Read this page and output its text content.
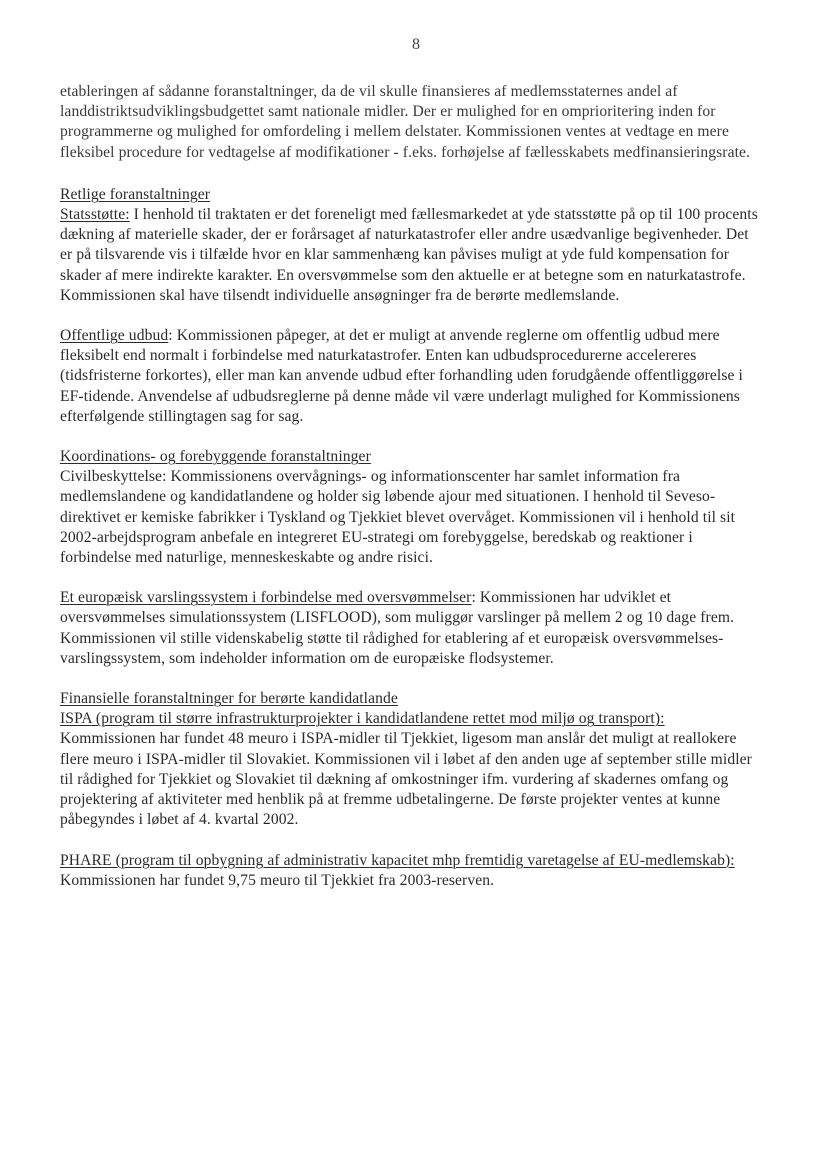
8

etableringen af sådanne foranstaltninger, da de vil skulle finansieres af medlemsstaternes andel af landdistriktsudviklingsbudgettet samt nationale midler. Der er mulighed for en omprioritering inden for programmerne og mulighed for omfordeling i mellem delstater. Kommissionen ventes at vedtage en mere fleksibel procedure for vedtagelse af modifikationer - f.eks. forhøjelse af fællesskabets medfinansieringsrate.

Retlige foranstaltninger

Statsstøtte: I henhold til traktaten er det foreneligt med fællesmarkedet at yde statsstøtte på op til 100 procents dækning af materielle skader, der er forårsaget af naturkatastrofer eller andre usædvanlige begivenheder. Det er på tilsvarende vis i tilfælde hvor en klar sammenhæng kan påvises muligt at yde fuld kompensation for skader af mere indirekte karakter. En oversvømmelse som den aktuelle er at betegne som en naturkatastrofe. Kommissionen skal have tilsendt individuelle ansøgninger fra de berørte medlemslande.

Offentlige udbud: Kommissionen påpeger, at det er muligt at anvende reglerne om offentlig udbud mere fleksibelt end normalt i forbindelse med naturkatastrofer. Enten kan udbudsprocedurerne accelereres (tidsfristerne forkortes), eller man kan anvende udbud efter forhandling uden forudgående offentliggørelse i EF-tidende. Anvendelse af udbudsreglerne på denne måde vil være underlagt mulighed for Kommissionens efterfølgende stillingtagen sag for sag.

Koordinations- og forebyggende foranstaltninger

Civilbeskyttelse: Kommissionens overvågnings- og informationscenter har samlet information fra medlemslandene og kandidatlandene og holder sig løbende ajour med situationen. I henhold til Seveso-direktivet er kemiske fabrikker i Tyskland og Tjekkiet blevet overvåget. Kommissionen vil i henhold til sit 2002-arbejdsprogram anbefale en integreret EU-strategi om forebyggelse, beredskab og reaktioner i forbindelse med naturlige, menneskeskabte og andre risici.

Et europæisk varslingssystem i forbindelse med oversvømmelser: Kommissionen har udviklet et oversvømmelses simulationssystem (LISFLOOD), som muliggør varslinger på mellem 2 og 10 dage frem. Kommissionen vil stille videnskabelig støtte til rådighed for etablering af et europæisk oversvømmelses-varslingssystem, som indeholder information om de europæiske flodsystemer.

Finansielle foranstaltninger for berørte kandidatlande

ISPA (program til større infrastrukturprojekter i kandidatlandene rettet mod miljø og transport): Kommissionen har fundet 48 meuro i ISPA-midler til Tjekkiet, ligesom man anslår det muligt at reallokere flere meuro i ISPA-midler til Slovakiet. Kommissionen vil i løbet af den anden uge af september stille midler til rådighed for Tjekkiet og Slovakiet til dækning af omkostninger ifm. vurdering af skadernes omfang og projektering af aktiviteter med henblik på at fremme udbetalingerne. De første projekter ventes at kunne påbegyndes i løbet af 4. kvartal 2002.

PHARE (program til opbygning af administrativ kapacitet mhp fremtidig varetagelse af EU-medlemskab): Kommissionen har fundet 9,75 meuro til Tjekkiet fra 2003-reserven.
